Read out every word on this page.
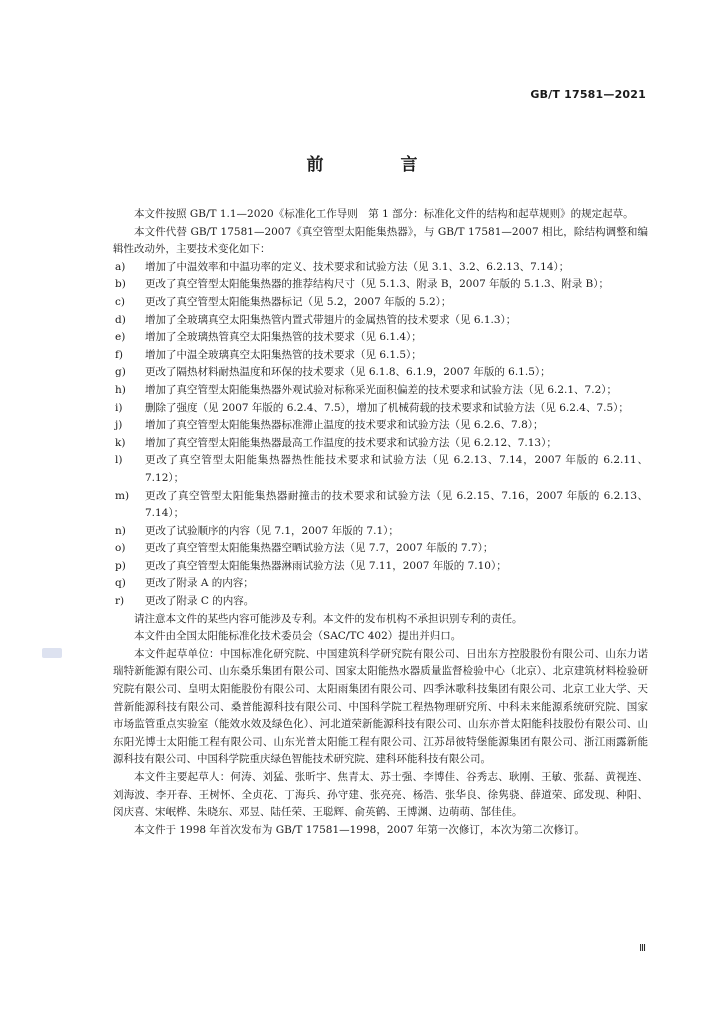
GB/T 17581—2021
前　言

本文件按照 GB/T 1.1—2020《标准化工作导则　第 1 部分：标准化文件的结构和起草规则》的规定起草。

本文件代替 GB/T 17581—2007《真空管型太阳能集热器》，与 GB/T 17581—2007 相比，除结构调整和编辑性改动外，主要技术变化如下：

a) 增加了中温效率和中温功率的定义、技术要求和试验方法（见 3.1、3.2、6.2.13、7.14）；
b) 更改了真空管型太阳能集热器的推荐结构尺寸（见 5.1.3、附录 B，2007 年版的 5.1.3、附录 B）；
c) 更改了真空管型太阳能集热器标记（见 5.2，2007 年版的 5.2）；
d) 增加了全玻璃真空太阳集热管内置式带翅片的金属热管的技术要求（见 6.1.3）；
e) 增加了全玻璃热管真空太阳集热管的技术要求（见 6.1.4）；
f) 增加了中温全玻璃真空太阳集热管的技术要求（见 6.1.5）；
g) 更改了隔热材料耐热温度和环保的技术要求（见 6.1.8、6.1.9，2007 年版的 6.1.5）；
h) 增加了真空管型太阳能集热器外观试验对标称采光面积偏差的技术要求和试验方法（见 6.2.1、7.2）；
i) 删除了强度（见 2007 年版的 6.2.4、7.5），增加了机械荷载的技术要求和试验方法（见 6.2.4、7.5）；
j) 增加了真空管型太阳能集热器标准滞止温度的技术要求和试验方法（见 6.2.6、7.8）；
k) 增加了真空管型太阳能集热器最高工作温度的技术要求和试验方法（见 6.2.12、7.13）；
l) 更改了真空管型太阳能集热器热性能技术要求和试验方法（见 6.2.13、7.14，2007 年版的 6.2.11、7.12）；
m) 更改了真空管型太阳能集热器耐撞击的技术要求和试验方法（见 6.2.15、7.16，2007 年版的 6.2.13、7.14）；
n) 更改了试验顺序的内容（见 7.1，2007 年版的 7.1）；
o) 更改了真空管型太阳能集热器空晒试验方法（见 7.7，2007 年版的 7.7）；
p) 更改了真空管型太阳能集热器淋雨试验方法（见 7.11，2007 年版的 7.10）；
q) 更改了附录 A 的内容；
r) 更改了附录 C 的内容。

请注意本文件的某些内容可能涉及专利。本文件的发布机构不承担识别专利的责任。

本文件由全国太阳能标准化技术委员会（SAC/TC 402）提出并归口。

本文件起草单位：中国标准化研究院、中国建筑科学研究院有限公司、日出东方控股股份有限公司、山东力诺瑞特新能源有限公司、山东桑乐集团有限公司、国家太阳能热水器质量监督检验中心（北京）、北京建筑材料检验研究院有限公司、皇明太阳能股份有限公司、太阳雨集团有限公司、四季沐歌科技集团有限公司、北京工业大学、天普新能源科技有限公司、桑普能源科技有限公司、中国科学院工程热物理研究所、中科未来能源系统研究院、国家市场监管重点实验室（能效水效及绿色化）、河北道荣新能源科技有限公司、山东亦普太阳能科技股份有限公司、山东阳光博士太阳能工程有限公司、山东光普太阳能工程有限公司、江苏昂彼特堡能源集团有限公司、浙江雨露新能源科技有限公司、中国科学院重庆绿色智能技术研究院、建科环能科技有限公司。

本文件主要起草人：何涛、刘猛、张昕宇、焦青太、苏士强、李博佳、谷秀志、耿刚、王敏、张磊、黄视连、刘海波、李开春、王树怀、全贞花、丁海兵、孙守建、张亮亮、杨浩、张华良、徐隽骁、薛道荣、邱发现、种阳、闵庆喜、宋岷桦、朱晓东、邓昱、陆任荣、王聪辉、俞英鹤、王博渊、边萌萌、郜佳佳。

本文件于 1998 年首次发布为 GB/T 17581—1998，2007 年第一次修订，本次为第二次修订。

Ⅲ
